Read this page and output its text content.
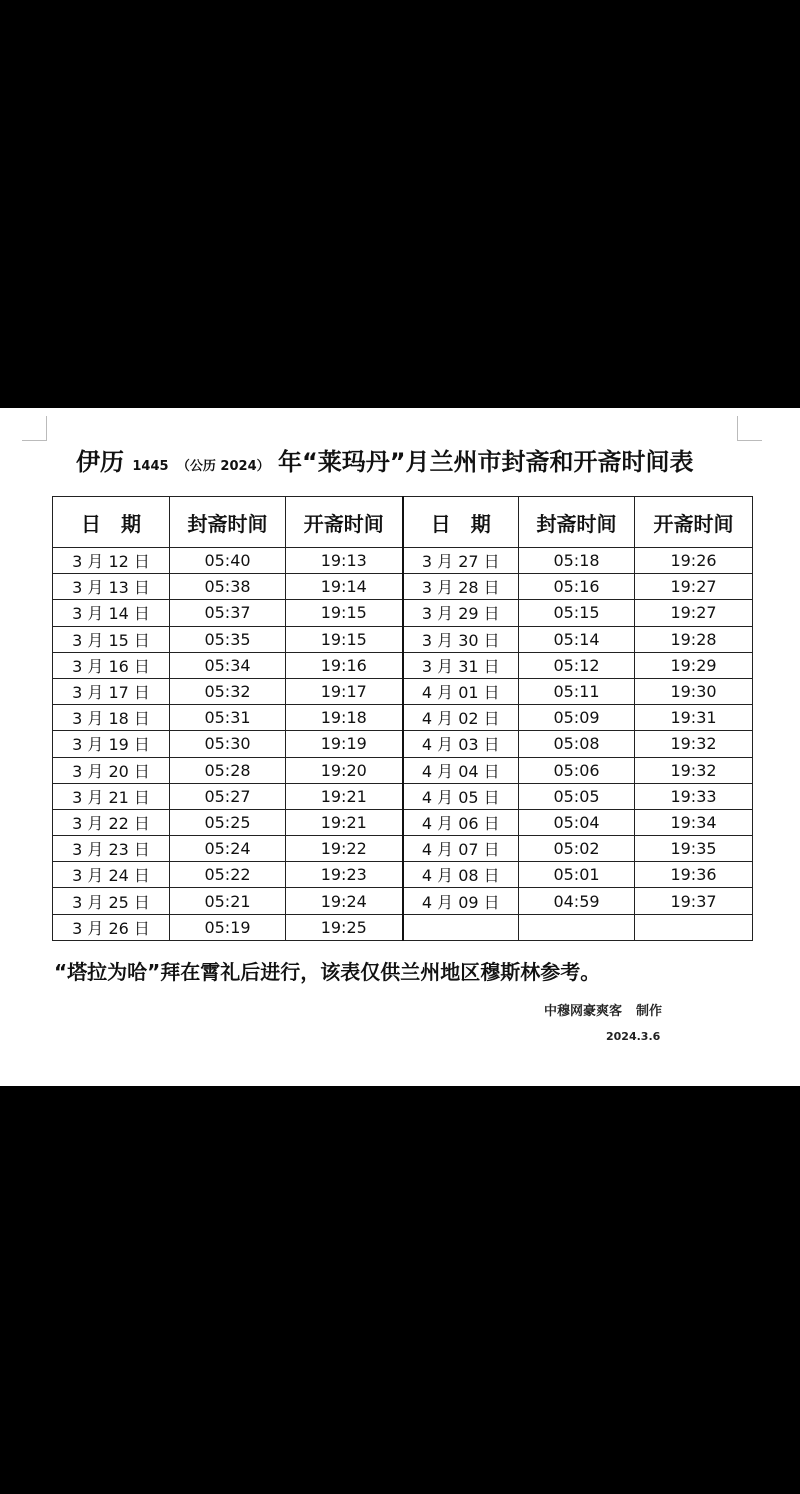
伊历 1445 （公历 2024） 年“莱玛丹”月兰州市封斋和开斋时间表
日　期	封斋时间	开斋时间	日　期	封斋时间	开斋时间
3 月 12 日	05:40	19:13	3 月 27 日	05:18	19:26
3 月 13 日	05:38	19:14	3 月 28 日	05:16	19:27
3 月 14 日	05:37	19:15	3 月 29 日	05:15	19:27
3 月 15 日	05:35	19:15	3 月 30 日	05:14	19:28
3 月 16 日	05:34	19:16	3 月 31 日	05:12	19:29
3 月 17 日	05:32	19:17	4 月 01 日	05:11	19:30
3 月 18 日	05:31	19:18	4 月 02 日	05:09	19:31
3 月 19 日	05:30	19:19	4 月 03 日	05:08	19:32
3 月 20 日	05:28	19:20	4 月 04 日	05:06	19:32
3 月 21 日	05:27	19:21	4 月 05 日	05:05	19:33
3 月 22 日	05:25	19:21	4 月 06 日	05:04	19:34
3 月 23 日	05:24	19:22	4 月 07 日	05:02	19:35
3 月 24 日	05:22	19:23	4 月 08 日	05:01	19:36
3 月 25 日	05:21	19:24	4 月 09 日	04:59	19:37
3 月 26 日	05:19	19:25			
“塔拉为哈”拜在霄礼后进行，该表仅供兰州地区穆斯林参考。
中穆网豪爽客 制作
2024.3.6
